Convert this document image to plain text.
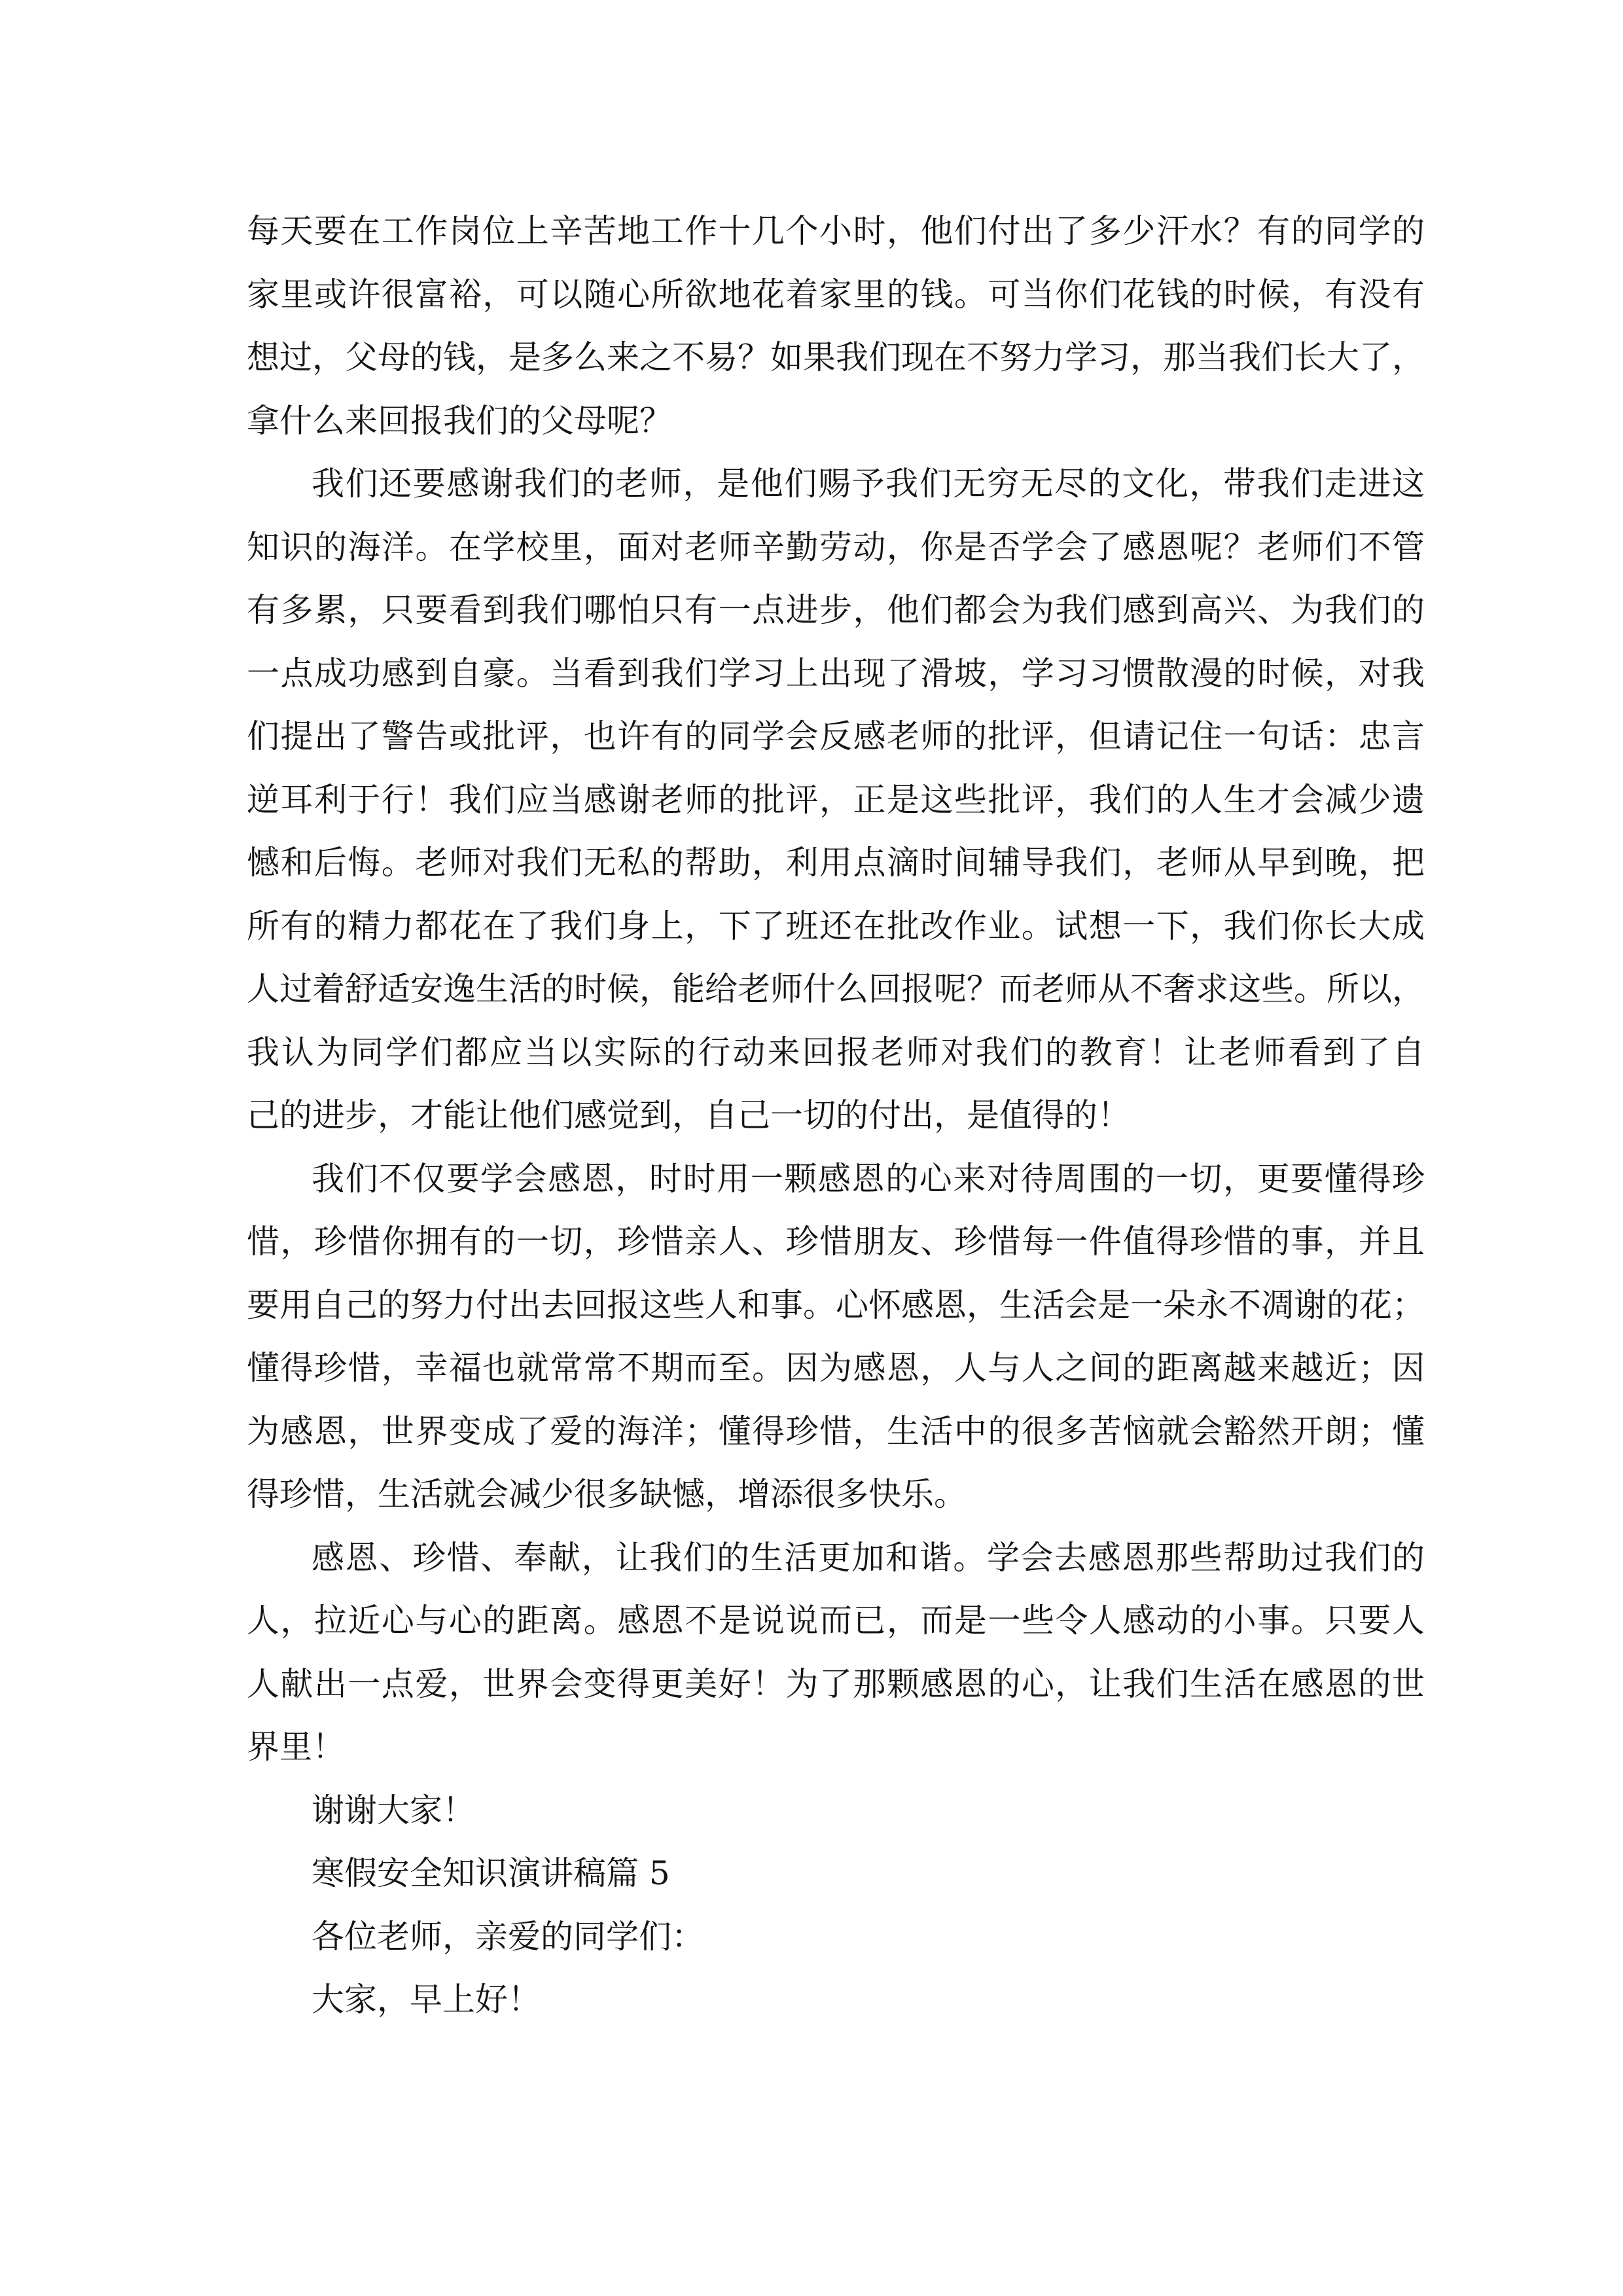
每天要在工作岗位上辛苦地工作十几个小时，他们付出了多少汗水？有的同学的
家里或许很富裕，可以随心所欲地花着家里的钱。可当你们花钱的时候，有没有
想过，父母的钱，是多么来之不易？如果我们现在不努力学习，那当我们长大了，
拿什么来回报我们的父母呢？
我们还要感谢我们的老师，是他们赐予我们无穷无尽的文化，带我们走进这
知识的海洋。在学校里，面对老师辛勤劳动，你是否学会了感恩呢？老师们不管
有多累，只要看到我们哪怕只有一点进步，他们都会为我们感到高兴、为我们的
一点成功感到自豪。当看到我们学习上出现了滑坡，学习习惯散漫的时候，对我
们提出了警告或批评，也许有的同学会反感老师的批评，但请记住一句话：忠言
逆耳利于行！我们应当感谢老师的批评，正是这些批评，我们的人生才会减少遗
憾和后悔。老师对我们无私的帮助，利用点滴时间辅导我们，老师从早到晚，把
所有的精力都花在了我们身上，下了班还在批改作业。试想一下，我们你长大成
人过着舒适安逸生活的时候，能给老师什么回报呢？而老师从不奢求这些。所以，
我认为同学们都应当以实际的行动来回报老师对我们的教育！让老师看到了自
己的进步，才能让他们感觉到，自己一切的付出，是值得的！
我们不仅要学会感恩，时时用一颗感恩的心来对待周围的一切，更要懂得珍
惜，珍惜你拥有的一切，珍惜亲人、珍惜朋友、珍惜每一件值得珍惜的事，并且
要用自己的努力付出去回报这些人和事。心怀感恩，生活会是一朵永不凋谢的花；
懂得珍惜，幸福也就常常不期而至。因为感恩，人与人之间的距离越来越近；因
为感恩，世界变成了爱的海洋；懂得珍惜，生活中的很多苦恼就会豁然开朗；懂
得珍惜，生活就会减少很多缺憾，增添很多快乐。
感恩、珍惜、奉献，让我们的生活更加和谐。学会去感恩那些帮助过我们的
人，拉近心与心的距离。感恩不是说说而已，而是一些令人感动的小事。只要人
人献出一点爱，世界会变得更美好！为了那颗感恩的心，让我们生活在感恩的世
界里！
谢谢大家！
寒假安全知识演讲稿篇 5
各位老师，亲爱的同学们：
大家，早上好！
